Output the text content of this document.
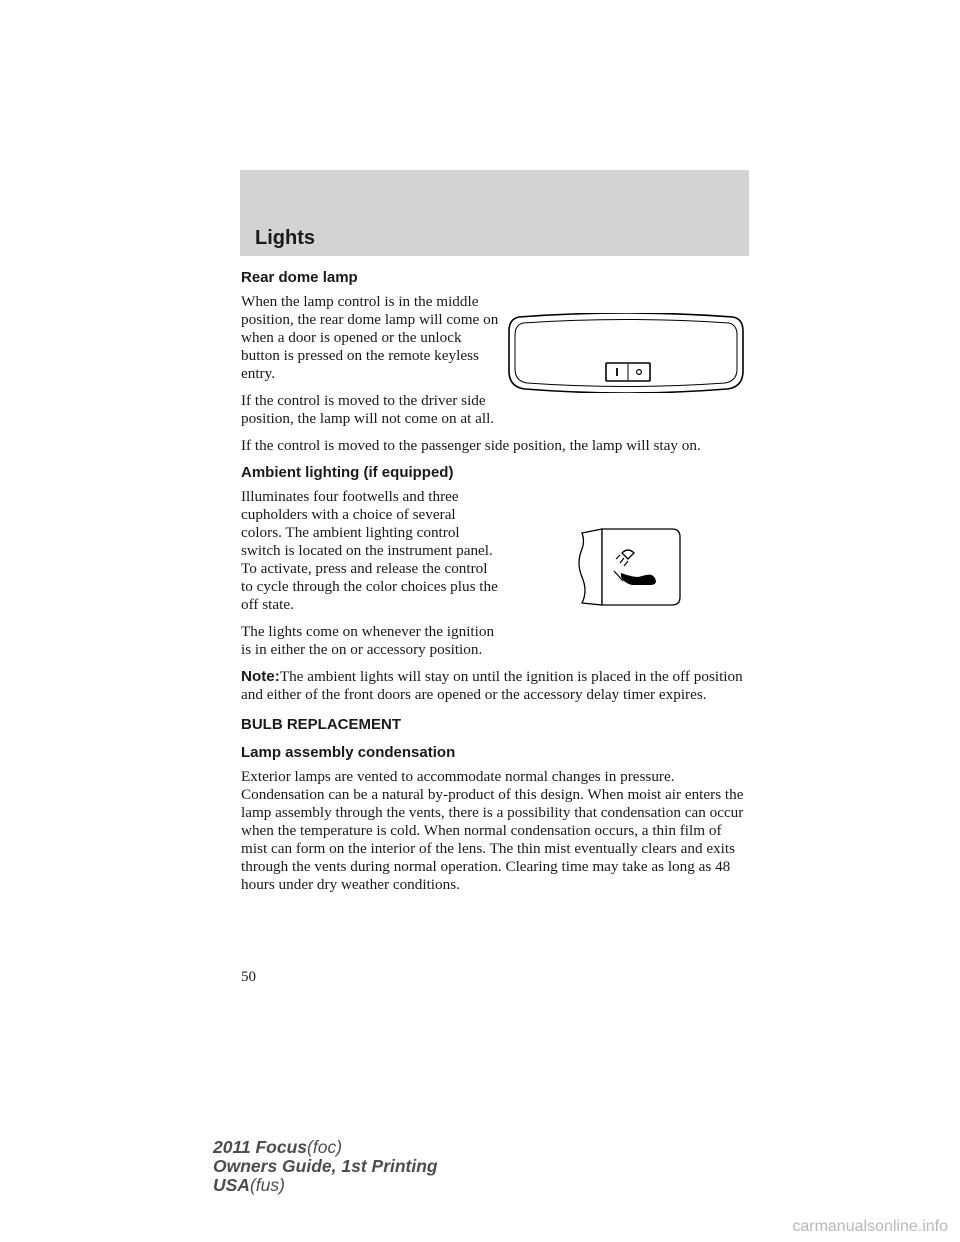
Lights
Rear dome lamp

When the lamp control is in the middle position, the rear dome lamp will come on when a door is opened or the unlock button is pressed on the remote keyless entry.

If the control is moved to the driver side position, the lamp will not come on at all.

If the control is moved to the passenger side position, the lamp will stay on.

Ambient lighting (if equipped)

Illuminates four footwells and three cupholders with a choice of several colors. The ambient lighting control switch is located on the instrument panel. To activate, press and release the control to cycle through the color choices plus the off state.

The lights come on whenever the ignition is in either the on or accessory position.

Note:The ambient lights will stay on until the ignition is placed in the off position and either of the front doors are opened or the accessory delay timer expires.

BULB REPLACEMENT
Lamp assembly condensation

Exterior lamps are vented to accommodate normal changes in pressure. Condensation can be a natural by-product of this design. When moist air enters the lamp assembly through the vents, there is a possibility that condensation can occur when the temperature is cold. When normal condensation occurs, a thin film of mist can form on the interior of the lens. The thin mist eventually clears and exits through the vents during normal operation. Clearing time may take as long as 48 hours under dry weather conditions.

50
2011 Focus(foc)
Owners Guide, 1st Printing
USA(fus)
carmanualsonline.info
